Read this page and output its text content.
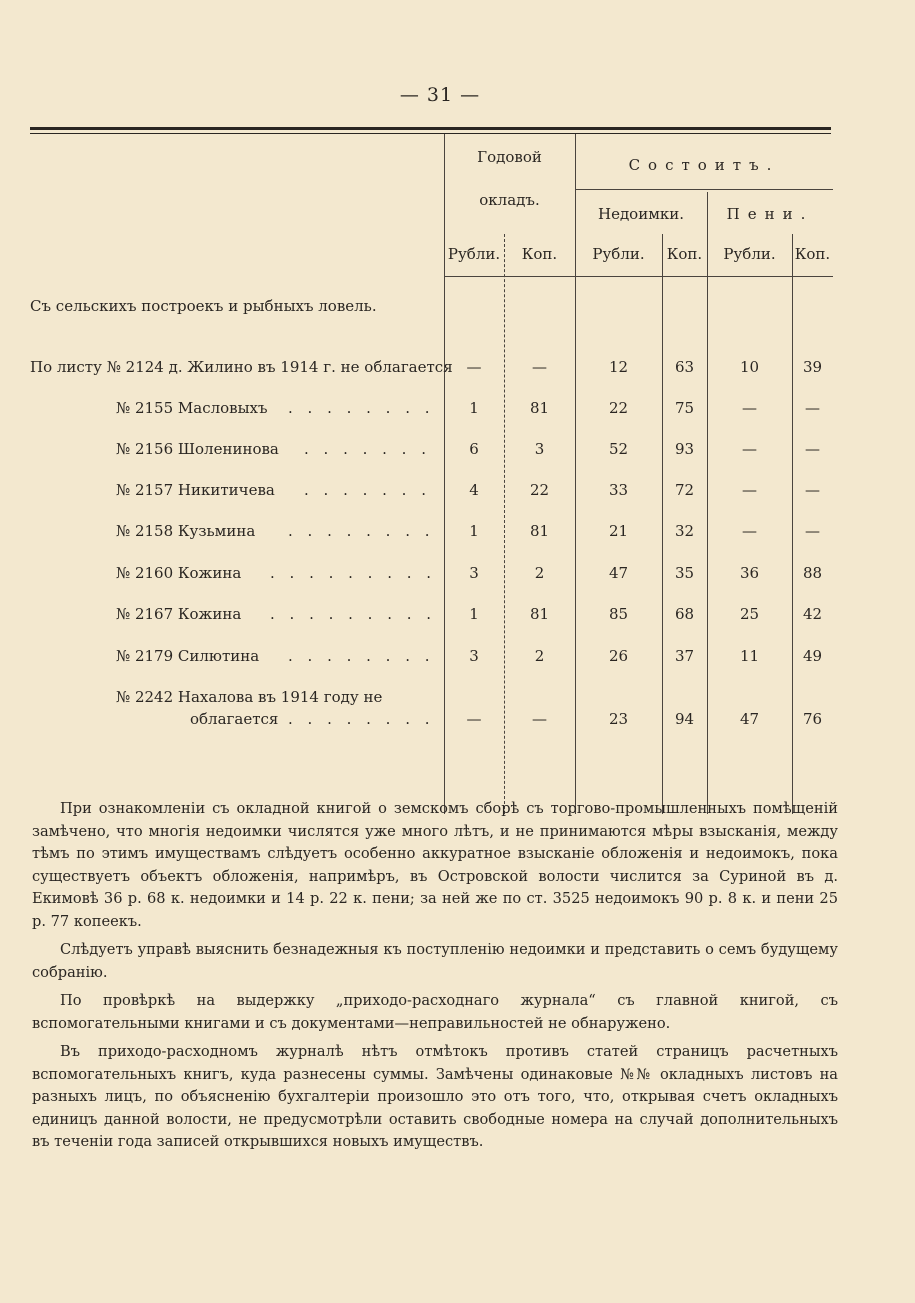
— 31 —
Годовой
окладъ.
Состоитъ.
Недоимки.	Пени.
Рубли.	Коп.	Рубли.	Коп.	Рубли.	Коп.
Съ сельскихъ построекъ и рыбныхъ ловель.
По листу № 2124 д. Жилино въ 1914 г. не облагается —	—	12	63	10	39
№ 2155 Масловыхъ . . . . . . . .	1	81	22	75	—	—
№ 2156 Шоленинова . . . . . . .	6	3	52	93	—	—
№ 2157 Никитичева . . . . . . .	4	22	33	72	—	—
№ 2158 Кузьмина . . . . . . . .	1	81	21	32	—	—
№ 2160 Кожина . . . . . . . . .	3	2	47	35	36	88
№ 2167 Кожина . . . . . . . . .	1	81	85	68	25	42
№ 2179 Силютина . . . . . . . .	3	2	26	37	11	49
№ 2242 Нахалова въ 1914 году не
облагается . . . . . . . .	—	—	23	94	47	76

При ознакомленіи съ окладной книгой о земскомъ сборѣ съ торгово-промышленныхъ помѣщеній замѣчено, что многія недоимки числятся уже много лѣтъ, и не принимаются мѣры взысканія, между тѣмъ по этимъ имуществамъ слѣдуетъ особенно аккуратное взысканіе обложенія и недоимокъ, пока существуетъ объектъ обложенія, напримѣръ, въ Островской волости числится за Суриной въ д. Екимовѣ 36 р. 68 к. недоимки и 14 р. 22 к. пени; за ней же по ст. 3525 недоимокъ 90 р. 8 к. и пени 25 р. 77 копеекъ.

Слѣдуетъ управѣ выяснить безнадежныя къ поступленію недоимки и представить о семъ будущему собранію.

По провѣркѣ на выдержку „приходо-расходнаго журнала“ съ главной книгой, съ вспомогательными книгами и съ документами—неправильностей не обнаружено.

Въ приходо-расходномъ журналѣ нѣтъ отмѣтокъ противъ статей страницъ расчетныхъ вспомогательныхъ книгъ, куда разнесены суммы. Замѣчены одинаковые №№ окладныхъ листовъ на разныхъ лицъ, по объясненію бухгалтеріи произошло это отъ того, что, открывая счетъ окладныхъ единицъ данной волости, не предусмотрѣли оставить свободные номера на случай дополнительныхъ въ теченіи года записей открывшихся новыхъ имуществъ.
